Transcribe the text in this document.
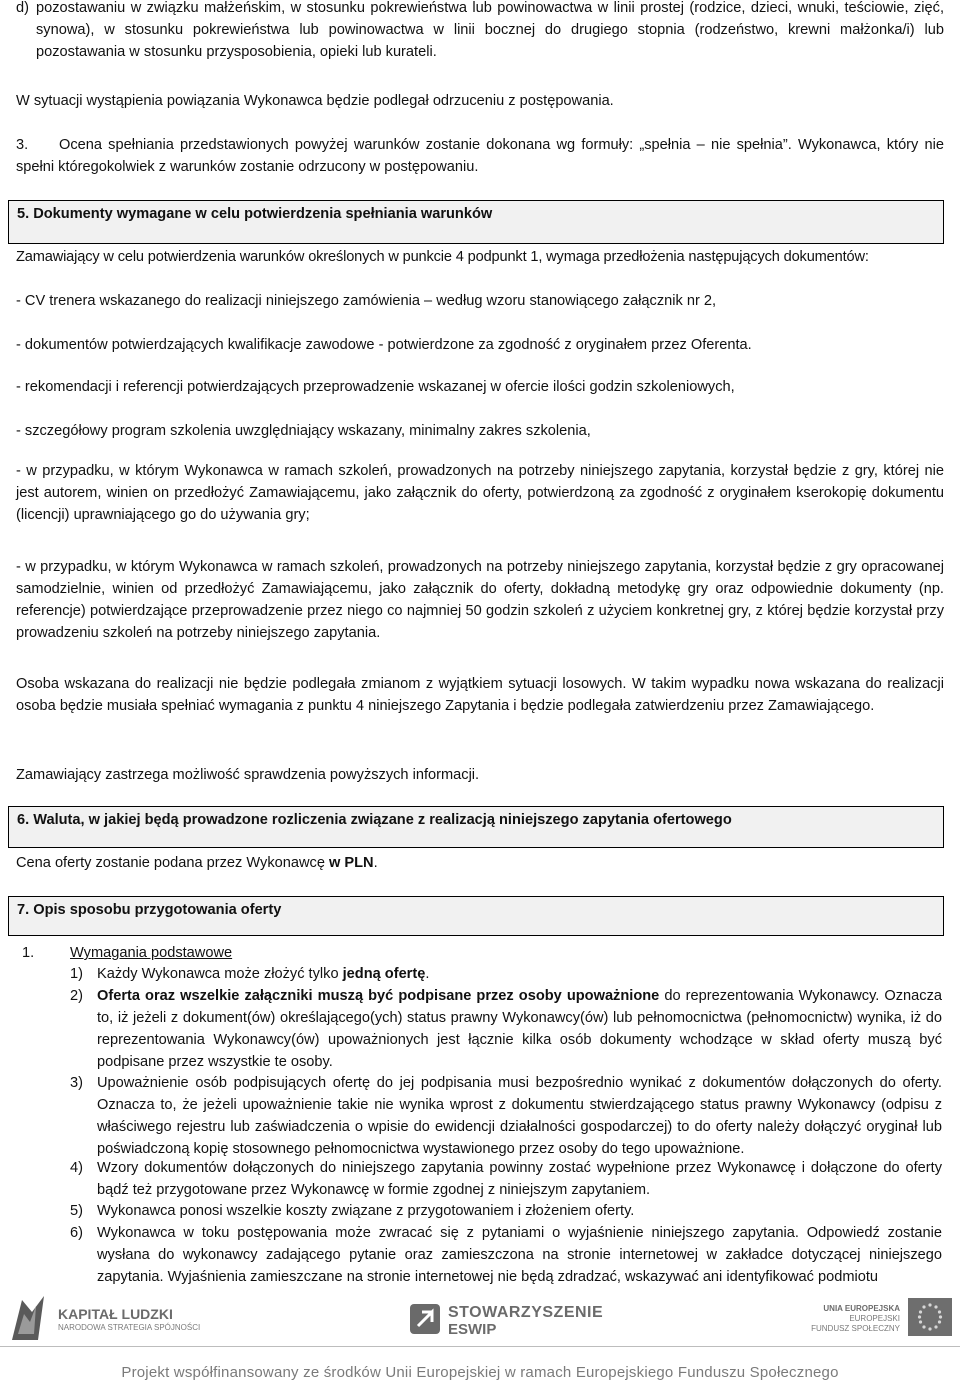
d) pozostawaniu w związku małżeńskim, w stosunku pokrewieństwa lub powinowactwa w linii prostej (rodzice, dzieci, wnuki, teściowie, zięć, synowa), w stosunku pokrewieństwa lub powinowactwa w linii bocznej do drugiego stopnia (rodzeństwo, krewni małżonka/i) lub pozostawania w stosunku przysposobienia, opieki lub kurateli.

W sytuacji wystąpienia powiązania Wykonawca będzie podlegał odrzuceniu z postępowania.

3.	Ocena spełniania przedstawionych powyżej warunków zostanie dokonana wg formuły: „spełnia – nie spełnia”. Wykonawca, który nie spełni któregokolwiek z warunków zostanie odrzucony w postępowaniu.

5. Dokumenty wymagane w celu potwierdzenia spełniania warunków

Zamawiający w celu potwierdzenia warunków określonych w punkcie 4 podpunkt 1, wymaga przedłożenia następujących dokumentów:

- CV trenera wskazanego do realizacji niniejszego zamówienia – według wzoru stanowiącego załącznik nr 2,

- dokumentów potwierdzających kwalifikacje zawodowe - potwierdzone za zgodność z oryginałem przez Oferenta.

- rekomendacji i referencji potwierdzających przeprowadzenie wskazanej w ofercie ilości godzin szkoleniowych,

- szczegółowy program szkolenia uwzględniający wskazany, minimalny zakres szkolenia,

- w przypadku, w którym Wykonawca w ramach szkoleń, prowadzonych na potrzeby niniejszego zapytania, korzystał będzie z gry, której nie jest autorem, winien on przedłożyć Zamawiającemu, jako załącznik do oferty, potwierdzoną za zgodność z oryginałem kserokopię dokumentu (licencji) uprawniającego go do używania gry;

- w przypadku, w którym Wykonawca w ramach szkoleń, prowadzonych na potrzeby niniejszego zapytania, korzystał będzie z gry opracowanej samodzielnie, winien od przedłożyć Zamawiającemu, jako załącznik do oferty, dokładną metodykę gry oraz odpowiednie dokumenty (np. referencje) potwierdzające przeprowadzenie przez niego co najmniej 50 godzin szkoleń z użyciem konkretnej gry, z której będzie korzystał przy prowadzeniu szkoleń na potrzeby niniejszego zapytania.

Osoba wskazana do realizacji nie będzie podlegała zmianom z wyjątkiem sytuacji losowych. W takim wypadku nowa wskazana do realizacji osoba będzie musiała spełniać wymagania z punktu 4 niniejszego Zapytania i będzie podlegała zatwierdzeniu przez Zamawiającego.

Zamawiający zastrzega możliwość sprawdzenia powyższych informacji.

6. Waluta, w jakiej będą prowadzone rozliczenia związane z realizacją niniejszego zapytania ofertowego

Cena oferty zostanie podana przez Wykonawcę w PLN.

7. Opis sposobu przygotowania oferty
1. Wymagania podstawowe
1) Każdy Wykonawca może złożyć tylko jedną ofertę.

2) Oferta oraz wszelkie załączniki muszą być podpisane przez osoby upoważnione do reprezentowania Wykonawcy. Oznacza to, iż jeżeli z dokument(ów) określającego(ych) status prawny Wykonawcy(ów) lub pełnomocnictwa (pełnomocnictw) wynika, iż do reprezentowania Wykonawcy(ów) upoważnionych jest łącznie kilka osób dokumenty wchodzące w skład oferty muszą być podpisane przez wszystkie te osoby.

3) Upoważnienie osób podpisujących ofertę do jej podpisania musi bezpośrednio wynikać z dokumentów dołączonych do oferty. Oznacza to, że jeżeli upoważnienie takie nie wynika wprost z dokumentu stwierdzającego status prawny Wykonawcy (odpisu z właściwego rejestru lub zaświadczenia o wpisie do ewidencji działalności gospodarczej) to do oferty należy dołączyć oryginał lub poświadczoną kopię stosownego pełnomocnictwa wystawionego przez osoby do tego upoważnione.

4) Wzory dokumentów dołączonych do niniejszego zapytania powinny zostać wypełnione przez Wykonawcę i dołączone do oferty bądź też przygotowane przez Wykonawcę w formie zgodnej z niniejszym zapytaniem.

5) Wykonawca ponosi wszelkie koszty związane z przygotowaniem i złożeniem oferty.

6) Wykonawca w toku postępowania może zwracać się z pytaniami o wyjaśnienie niniejszego zapytania. Odpowiedź zostanie wysłana do wykonawcy zadającego pytanie oraz zamieszczona na stronie internetowej w zakładce dotyczącej niniejszego zapytania. Wyjaśnienia zamieszczane na stronie internetowej nie będą zdradzać, wskazywać ani identyfikować podmiotu

KAPITAŁ LUDZKI
NARODOWA STRATEGIA SPÓJNOŚCI
STOWARZYSZENIE
ESWIP
UNIA EUROPEJSKA
EUROPEJSKI
FUNDUSZ SPOŁECZNY
Projekt współfinansowany ze środków Unii Europejskiej w ramach Europejskiego Funduszu Społecznego
